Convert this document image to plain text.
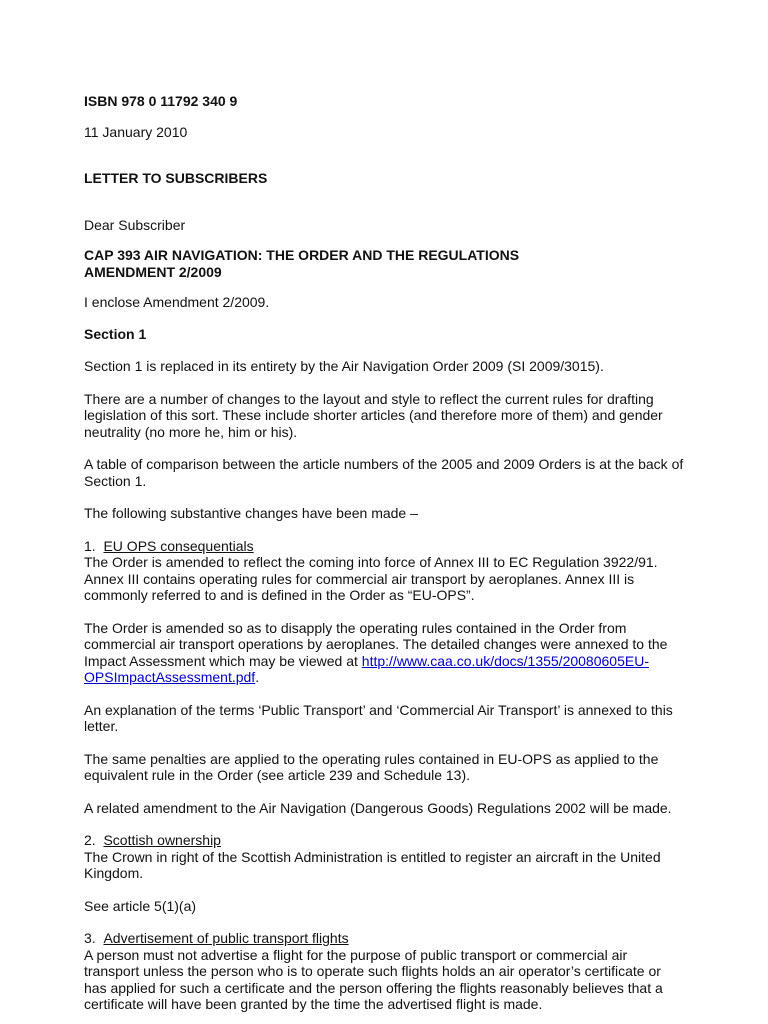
ISBN 978 0 11792 340 9
11 January 2010
LETTER TO SUBSCRIBERS
Dear Subscriber
CAP 393 AIR NAVIGATION: THE ORDER AND THE REGULATIONS
AMENDMENT 2/2009
I enclose Amendment 2/2009.
Section 1
Section 1 is replaced in its entirety by the Air Navigation Order 2009 (SI 2009/3015).
There are a number of changes to the layout and style to reflect the current rules for drafting
legislation of this sort. These include shorter articles (and therefore more of them) and gender
neutrality (no more he, him or his).
A table of comparison between the article numbers of the 2005 and 2009 Orders is at the back of
Section 1.
The following substantive changes have been made –
1. EU OPS consequentials
The Order is amended to reflect the coming into force of Annex III to EC Regulation 3922/91.
Annex III contains operating rules for commercial air transport by aeroplanes. Annex III is
commonly referred to and is defined in the Order as “EU-OPS”.
The Order is amended so as to disapply the operating rules contained in the Order from
commercial air transport operations by aeroplanes. The detailed changes were annexed to the
Impact Assessment which may be viewed at http://www.caa.co.uk/docs/1355/20080605EU-
OPSImpactAssessment.pdf.
An explanation of the terms ‘Public Transport’ and ‘Commercial Air Transport’ is annexed to this
letter.
The same penalties are applied to the operating rules contained in EU-OPS as applied to the
equivalent rule in the Order (see article 239 and Schedule 13).
A related amendment to the Air Navigation (Dangerous Goods) Regulations 2002 will be made.
2. Scottish ownership
The Crown in right of the Scottish Administration is entitled to register an aircraft in the United
Kingdom.
See article 5(1)(a)
3. Advertisement of public transport flights
A person must not advertise a flight for the purpose of public transport or commercial air
transport unless the person who is to operate such flights holds an air operator’s certificate or
has applied for such a certificate and the person offering the flights reasonably believes that a
certificate will have been granted by the time the advertised flight is made.
